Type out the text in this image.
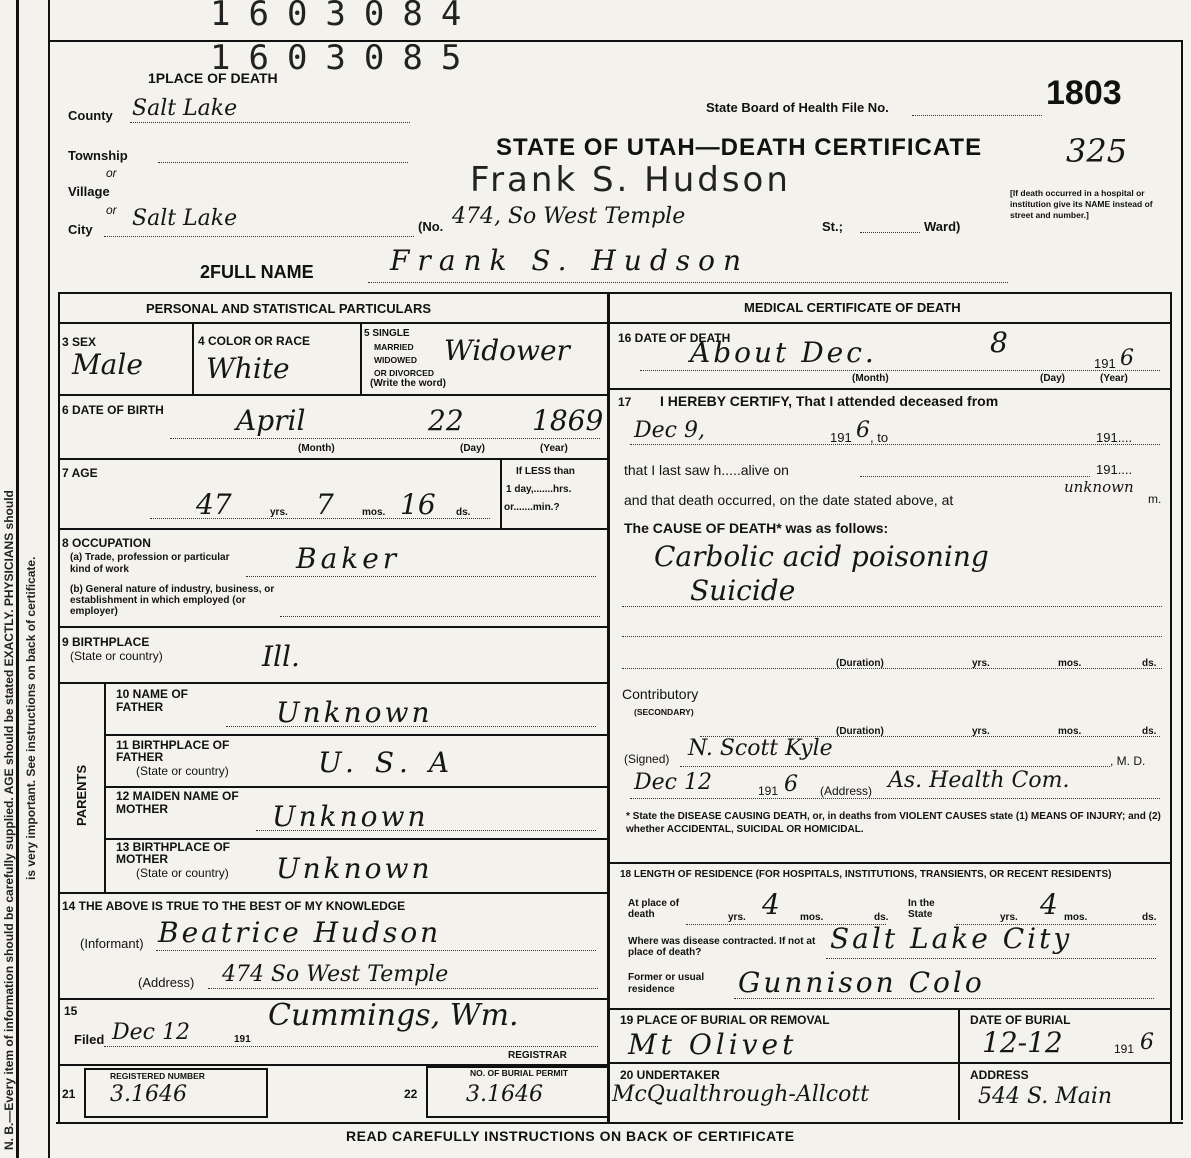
N. B.—Every item of information should be carefully supplied. AGE should be stated EXACTLY. PHYSICIANS should is very important. See instructions on back of certificate.
1603084
1603085
1PLACE OF DEATH
County Salt Lake
Township
or
Village
or
City Salt Lake	(No. 474, So West Temple	St.;	Ward)
State Board of Health File No.	1803
STATE OF UTAH—DEATH CERTIFICATE	325
Frank S. Hudson	[If death occurred in a hospital or institution give its NAME instead of street and number.]
2FULL NAME	Frank S. Hudson
PERSONAL AND STATISTICAL PARTICULARS	MEDICAL CERTIFICATE OF DEATH
3 SEX
Male
4 COLOR OR RACE
White
5 SINGLE
MARRIED
WIDOWED
OR DIVORCED
(Write the word)
Widower
6 DATE OF BIRTH	April	22 1869
(Month)	(Day)	(Year)
7 AGE
47	yrs. 7	mos. 16 ds.
If LESS than
1 day,.......hrs.
or.......min.?
8 OCCUPATION
(a) Trade, profession or particular kind of work	Baker
(b) General nature of industry, business, or establishment in which employed (or employer)
9 BIRTHPLACE
(State or country)	Ill.
PARENTS
10 NAME OF FATHER	Unknown
11 BIRTHPLACE OF FATHER
(State or country)	U. S. A
12 MAIDEN NAME OF MOTHER	Unknown
13 BIRTHPLACE OF MOTHER
(State or country) Unknown
14 THE ABOVE IS TRUE TO THE BEST OF MY KNOWLEDGE
(Informant) Beatrice Hudson
(Address) 474 So West Temple
15
Filed Dec 12	191
Cummings, Wm.
REGISTRAR
21
REGISTERED NUMBER
3.1646	22
NO. OF BURIAL PERMIT
3.1646
16 DATE OF DEATH
About Dec.	8
191 6
(Month)	(Day)	(Year)
17 I HEREBY CERTIFY, That I attended deceased from
Dec 9,	191 6 , to	191....
that I last saw h.....alive on	191....
and that death occurred, on the date stated above, at
unknown
m.
The CAUSE OF DEATH* was as follows:
Carbolic acid poisoning
Suicide
(Duration)	yrs.	mos.	ds.
Contributory
(SECONDARY)
(Duration)	yrs.	mos.	ds.
(Signed) N. Scott Kyle	, M. D.
Dec 12	191 6 (Address) As. Health Com.
* State the DISEASE CAUSING DEATH, or, in deaths from VIOLENT CAUSES state (1) MEANS OF INJURY; and (2) whether ACCIDENTAL, SUICIDAL OR HOMICIDAL.
18 LENGTH OF RESIDENCE (FOR HOSPITALS, INSTITUTIONS, TRANSIENTS, OR RECENT RESIDENTS)
At place of death	4
yrs.	mos.	ds.
In the State	4
yrs.	mos.	ds.
Where was disease contracted. If not at place of death?	Salt Lake City
Former or usual residence	Gunnison Colo
19 PLACE OF BURIAL OR REMOVAL
Mt Olivet
DATE OF BURIAL
12-12	191 6
20 UNDERTAKER
McQualthrough-Allcott
ADDRESS
544 S. Main
READ CAREFULLY INSTRUCTIONS ON BACK OF CERTIFICATE
